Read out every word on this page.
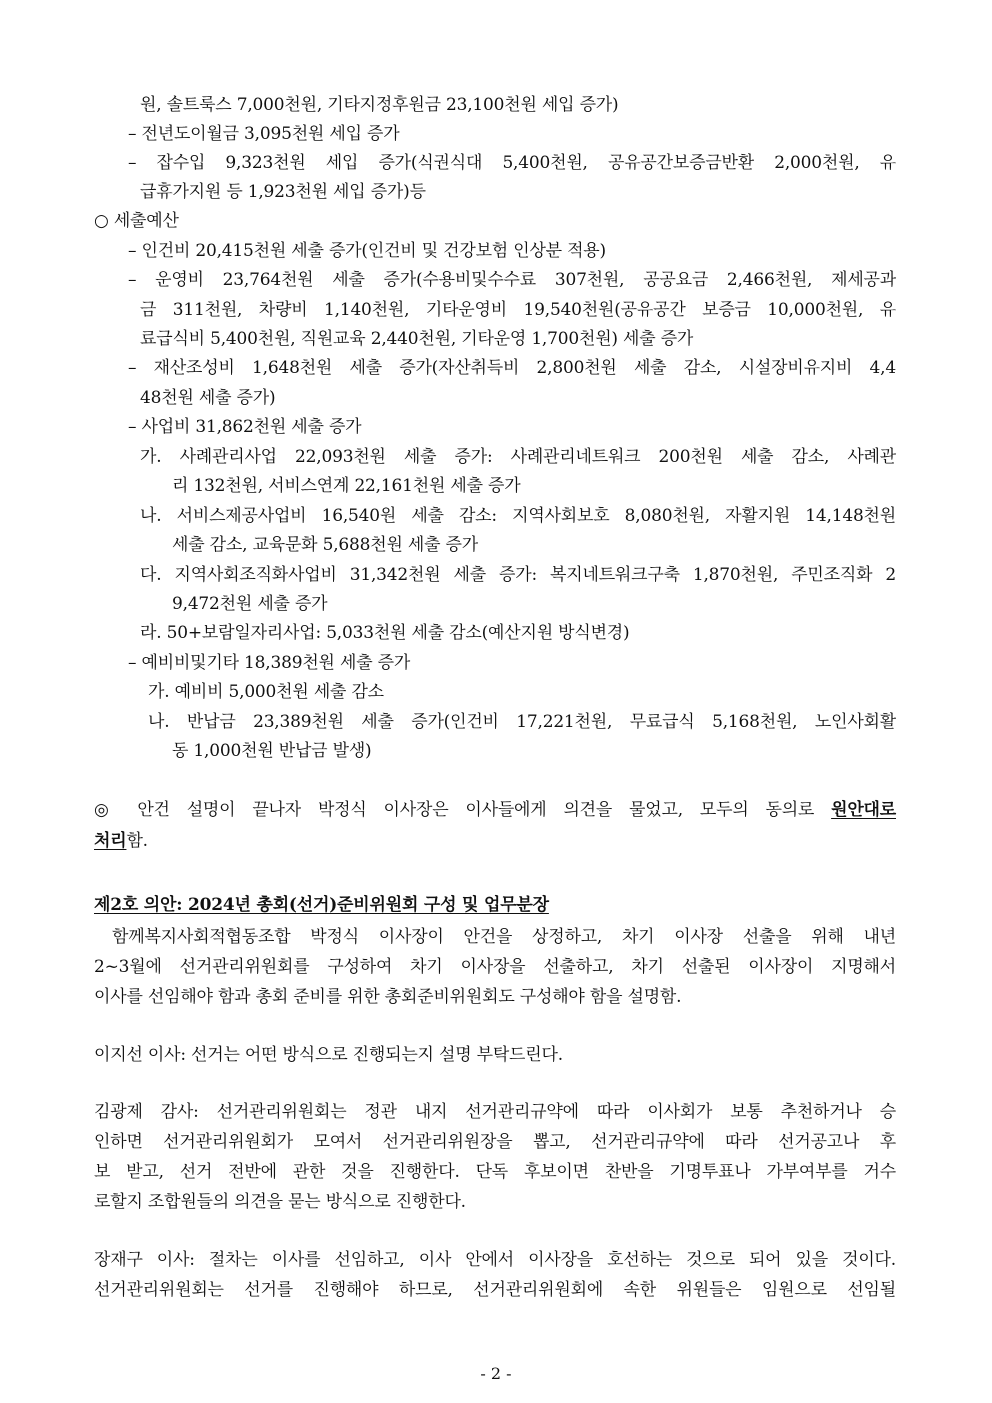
원, 솔트룩스 7,000천원, 기타지정후원금 23,100천원 세입 증가)
– 전년도이월금 3,095천원 세입 증가
– 잡수입 9,323천원 세입 증가(식권식대 5,400천원, 공유공간보증금반환 2,000천원, 유
급휴가지원 등 1,923천원 세입 증가)등
○ 세출예산
– 인건비 20,415천원 세출 증가(인건비 및 건강보험 인상분 적용)
– 운영비 23,764천원 세출 증가(수용비및수수료 307천원, 공공요금 2,466천원, 제세공과
금 311천원, 차량비 1,140천원, 기타운영비 19,540천원(공유공간 보증금 10,000천원, 유
료급식비 5,400천원, 직원교육 2,440천원, 기타운영 1,700천원) 세출 증가
– 재산조성비 1,648천원 세출 증가(자산취득비 2,800천원 세출 감소, 시설장비유지비 4,4
48천원 세출 증가)
– 사업비 31,862천원 세출 증가
가. 사례관리사업 22,093천원 세출 증가: 사례관리네트워크 200천원 세출 감소, 사례관
리 132천원, 서비스연계 22,161천원 세출 증가
나. 서비스제공사업비 16,540원 세출 감소: 지역사회보호 8,080천원, 자활지원 14,148천원
세출 감소, 교육문화 5,688천원 세출 증가
다. 지역사회조직화사업비 31,342천원 세출 증가: 복지네트워크구축 1,870천원, 주민조직화 2
9,472천원 세출 증가
라. 50+보람일자리사업: 5,033천원 세출 감소(예산지원 방식변경)
– 예비비및기타 18,389천원 세출 증가
가. 예비비 5,000천원 세출 감소
나. 반납금 23,389천원 세출 증가(인건비 17,221천원, 무료급식 5,168천원, 노인사회활
동 1,000천원 반납금 발생)
◎ 안건 설명이 끝나자 박정식 이사장은 이사들에게 의견을 물었고, 모두의 동의로 원안대로
처리함.
제2호 의안: 2024년 총회(선거)준비위원회 구성 및 업무분장
함께복지사회적협동조합 박정식 이사장이 안건을 상정하고, 차기 이사장 선출을 위해 내년
2~3월에 선거관리위원회를 구성하여 차기 이사장을 선출하고, 차기 선출된 이사장이 지명해서
이사를 선임해야 함과 총회 준비를 위한 총회준비위원회도 구성해야 함을 설명함.
이지선 이사: 선거는 어떤 방식으로 진행되는지 설명 부탁드린다.
김광제 감사: 선거관리위원회는 정관 내지 선거관리규약에 따라 이사회가 보통 추천하거나 승
인하면 선거관리위원회가 모여서 선거관리위원장을 뽑고, 선거관리규약에 따라 선거공고나 후
보 받고, 선거 전반에 관한 것을 진행한다. 단독 후보이면 찬반을 기명투표나 가부여부를 거수
로할지 조합원들의 의견을 묻는 방식으로 진행한다.
장재구 이사: 절차는 이사를 선임하고, 이사 안에서 이사장을 호선하는 것으로 되어 있을 것이다.
선거관리위원회는 선거를 진행해야 하므로, 선거관리위원회에 속한 위원들은 임원으로 선임될
- 2 -
